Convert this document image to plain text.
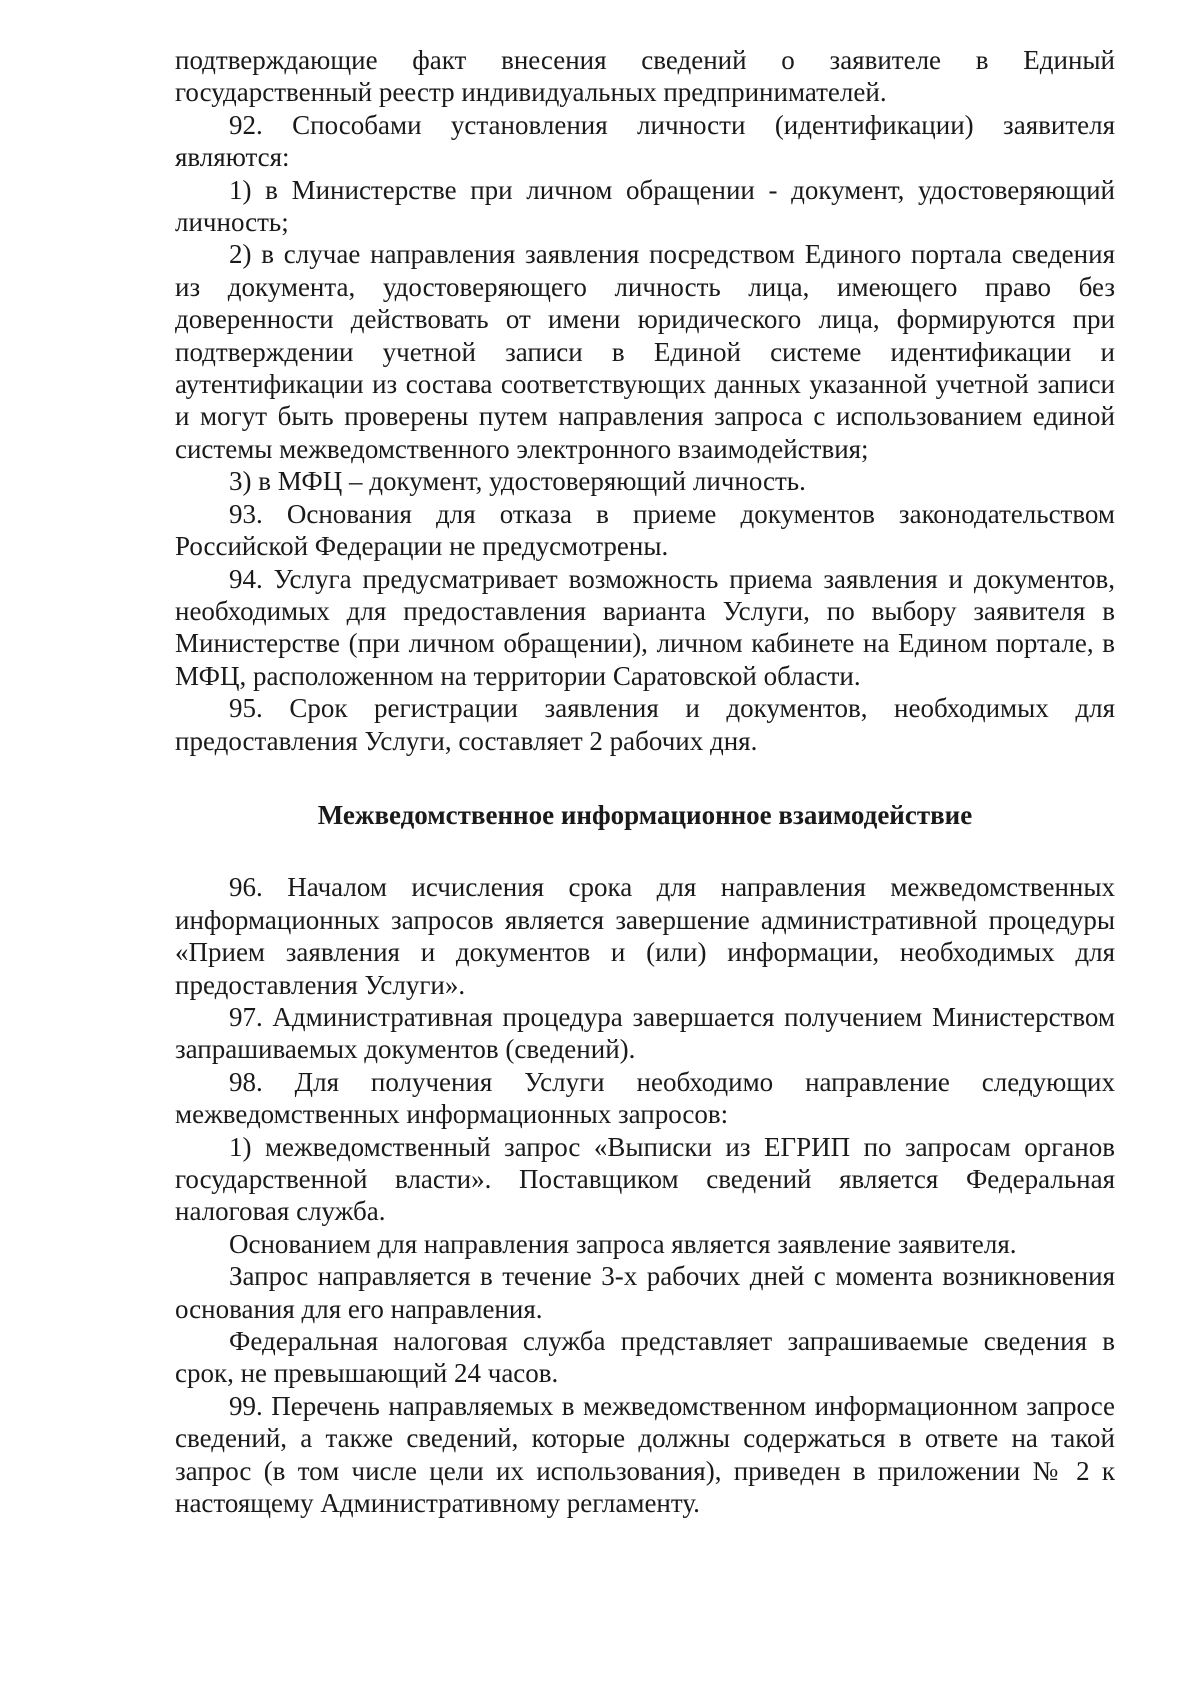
подтверждающие факт внесения сведений о заявителе в Единый государственный реестр индивидуальных предпринимателей.

92. Способами установления личности (идентификации) заявителя являются:

1) в Министерстве при личном обращении - документ, удостоверяющий личность;

2) в случае направления заявления посредством Единого портала сведения из документа, удостоверяющего личность лица, имеющего право без доверенности действовать от имени юридического лица, формируются при подтверждении учетной записи в Единой системе идентификации и аутентификации из состава соответствующих данных указанной учетной записи и могут быть проверены путем направления запроса с использованием единой системы межведомственного электронного взаимодействия;

3) в МФЦ – документ, удостоверяющий личность.

93. Основания для отказа в приеме документов законодательством Российской Федерации не предусмотрены.

94. Услуга предусматривает возможность приема заявления и документов, необходимых для предоставления варианта Услуги, по выбору заявителя в Министерстве (при личном обращении), личном кабинете на Едином портале, в МФЦ, расположенном на территории Саратовской области.

95. Срок регистрации заявления и документов, необходимых для предоставления Услуги, составляет 2 рабочих дня.

Межведомственное информационное взаимодействие

96. Началом исчисления срока для направления межведомственных информационных запросов является завершение административной процедуры «Прием заявления и документов и (или) информации, необходимых для предоставления Услуги».

97. Административная процедура завершается получением Министерством запрашиваемых документов (сведений).

98. Для получения Услуги необходимо направление следующих межведомственных информационных запросов:

1) межведомственный запрос «Выписки из ЕГРИП по запросам органов государственной власти». Поставщиком сведений является Федеральная налоговая служба.

Основанием для направления запроса является заявление заявителя.

Запрос направляется в течение 3-х рабочих дней с момента возникновения основания для его направления.

Федеральная налоговая служба представляет запрашиваемые сведения в срок, не превышающий 24 часов.

99. Перечень направляемых в межведомственном информационном запросе сведений, а также сведений, которые должны содержаться в ответе на такой запрос (в том числе цели их использования), приведен в приложении № 2 к настоящему Административному регламенту.
